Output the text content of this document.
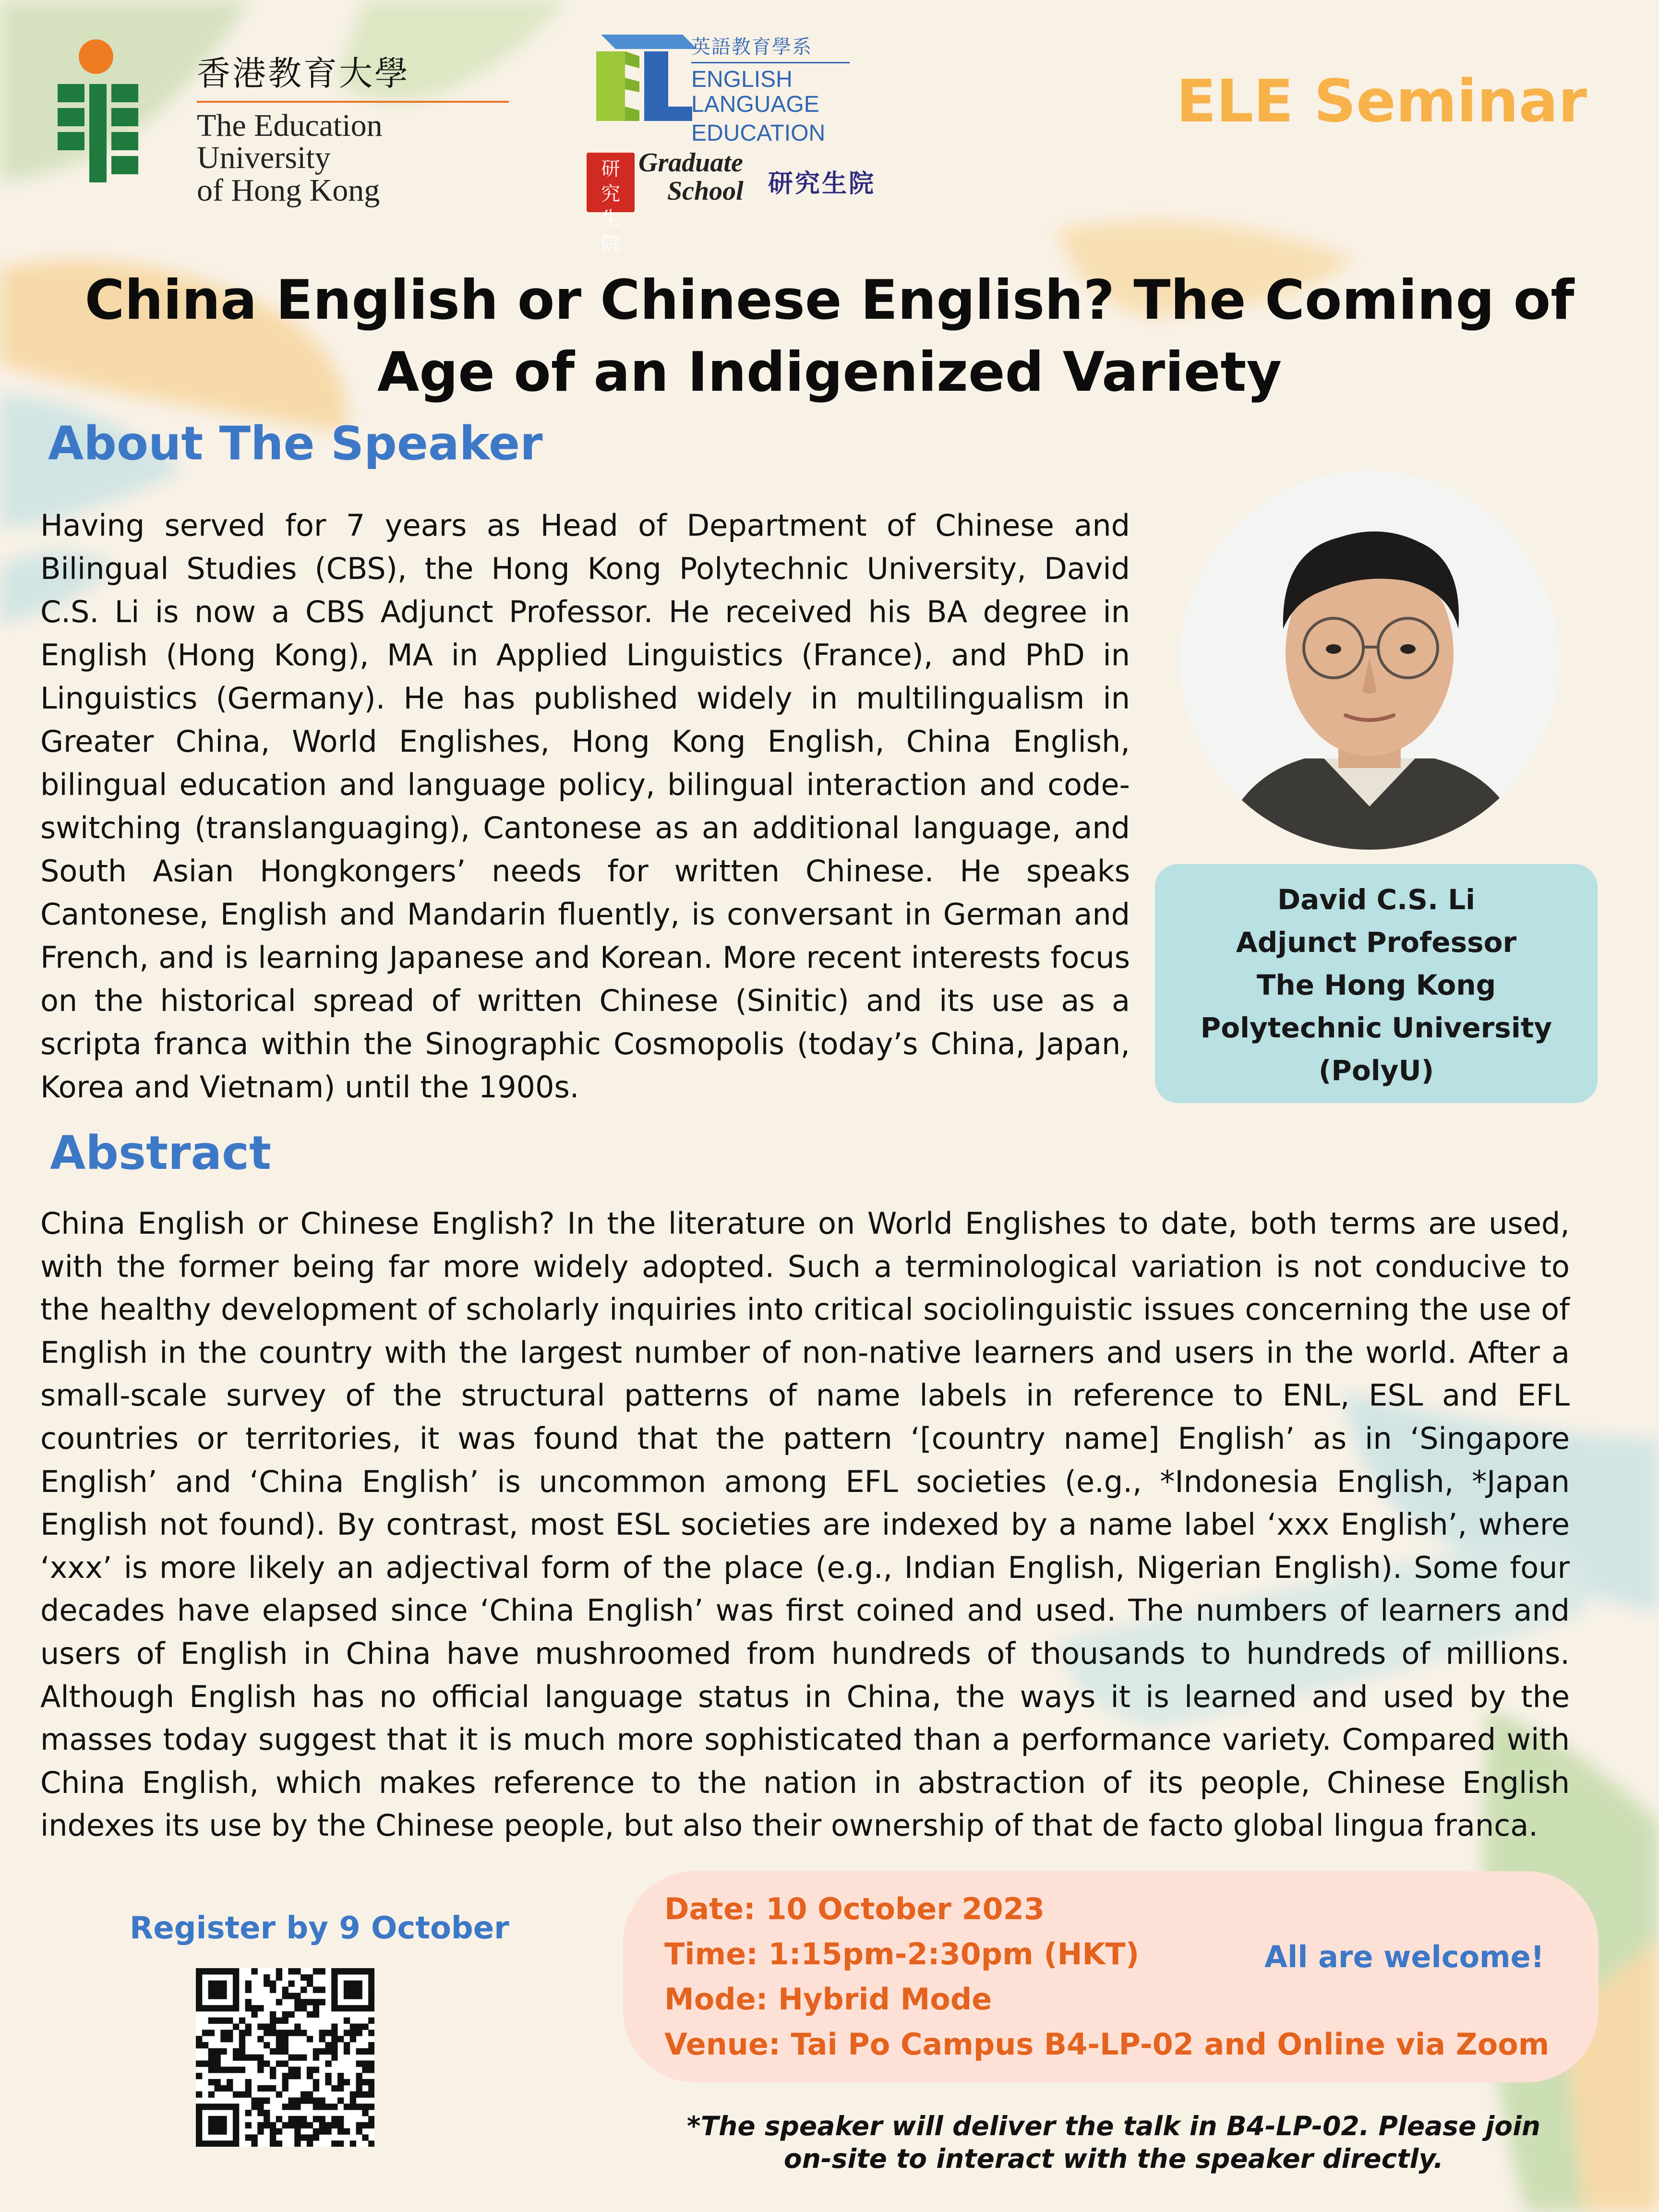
香港教育大學
The Education University
of Hong Kong
英語教育學系
ENGLISH LANGUAGE
EDUCATION
研究生院
Graduate
School 研究生院
ELE Seminar
China English or Chinese English? The Coming of
Age of an Indigenized Variety
About The Speaker
Having served for 7 years as Head of Department of Chinese and Bilingual Studies (CBS), the Hong Kong Polytechnic University, David C.S. Li is now a CBS Adjunct Professor. He received his BA degree in English (Hong Kong), MA in Applied Linguistics (France), and PhD in Linguistics (Germany). He has published widely in multilingualism in Greater China, World Englishes, Hong Kong English, China English, bilingual education and language policy, bilingual interaction and code-switching (translanguaging), Cantonese as an additional language, and South Asian Hongkongers’ needs for written Chinese. He speaks Cantonese, English and Mandarin fluently, is conversant in German and French, and is learning Japanese and Korean. More recent interests focus on the historical spread of written Chinese (Sinitic) and its use as a scripta franca within the Sinographic Cosmopolis (today’s China, Japan, Korea and Vietnam) until the 1900s.
David C.S. Li
Adjunct Professor
The Hong Kong
Polytechnic University
(PolyU)
Abstract
China English or Chinese English? In the literature on World Englishes to date, both terms are used, with the former being far more widely adopted. Such a terminological variation is not conducive to the healthy development of scholarly inquiries into critical sociolinguistic issues concerning the use of English in the country with the largest number of non-native learners and users in the world. After a small-scale survey of the structural patterns of name labels in reference to ENL, ESL and EFL countries or territories, it was found that the pattern ‘[country name] English’ as in ‘Singapore English’ and ‘China English’ is uncommon among EFL societies (e.g., *Indonesia English, *Japan English not found). By contrast, most ESL societies are indexed by a name label ‘xxx English’, where ‘xxx’ is more likely an adjectival form of the place (e.g., Indian English, Nigerian English). Some four decades have elapsed since ‘China English’ was first coined and used. The numbers of learners and users of English in China have mushroomed from hundreds of thousands to hundreds of millions. Although English has no official language status in China, the ways it is learned and used by the masses today suggest that it is much more sophisticated than a performance variety. Compared with China English, which makes reference to the nation in abstraction of its people, Chinese English indexes its use by the Chinese people, but also their ownership of that de facto global lingua franca.
Register by 9 October
Date: 10 October 2023
Time: 1:15pm-2:30pm (HKT)
Mode: Hybrid Mode
Venue: Tai Po Campus B4-LP-02 and Online via Zoom
All are welcome!
*The speaker will deliver the talk in B4-LP-02. Please join
on-site to interact with the speaker directly.
